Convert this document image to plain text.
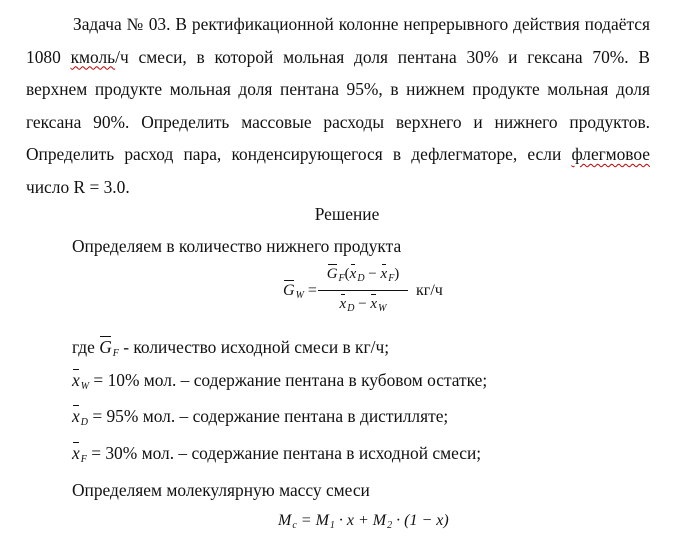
Задача № 03. В ректификационной колонне непрерывного действия подаётся 1080 кмоль/ч смеси, в которой мольная доля пентана 30% и гексана 70%. В верхнем продукте мольная доля пентана 95%, в нижнем продукте мольная доля гексана 90%. Определить массовые расходы верхнего и нижнего продуктов. Определить расход пара, конденсирующегося в дефлегматоре, если флегмовое число R = 3.0.
Решение
Определяем в количество нижнего продукта
$G_W$ =
$G_F(x_D - x_F)$
$x_D - x_W$
кг/ч
где $G_F$ - количество исходной смеси в кг/ч;
$x_W = 10\%$ мол. – содержание пентана в кубовом остатке;
$x_D = 95\%$ мол. – содержание пентана в дистилляте;
$x_F = 30\%$ мол. – содержание пентана в исходной смеси;
Определяем молекулярную массу смеси
$M_c = M_1 \cdot x + M_2 \cdot (1 - x)$
